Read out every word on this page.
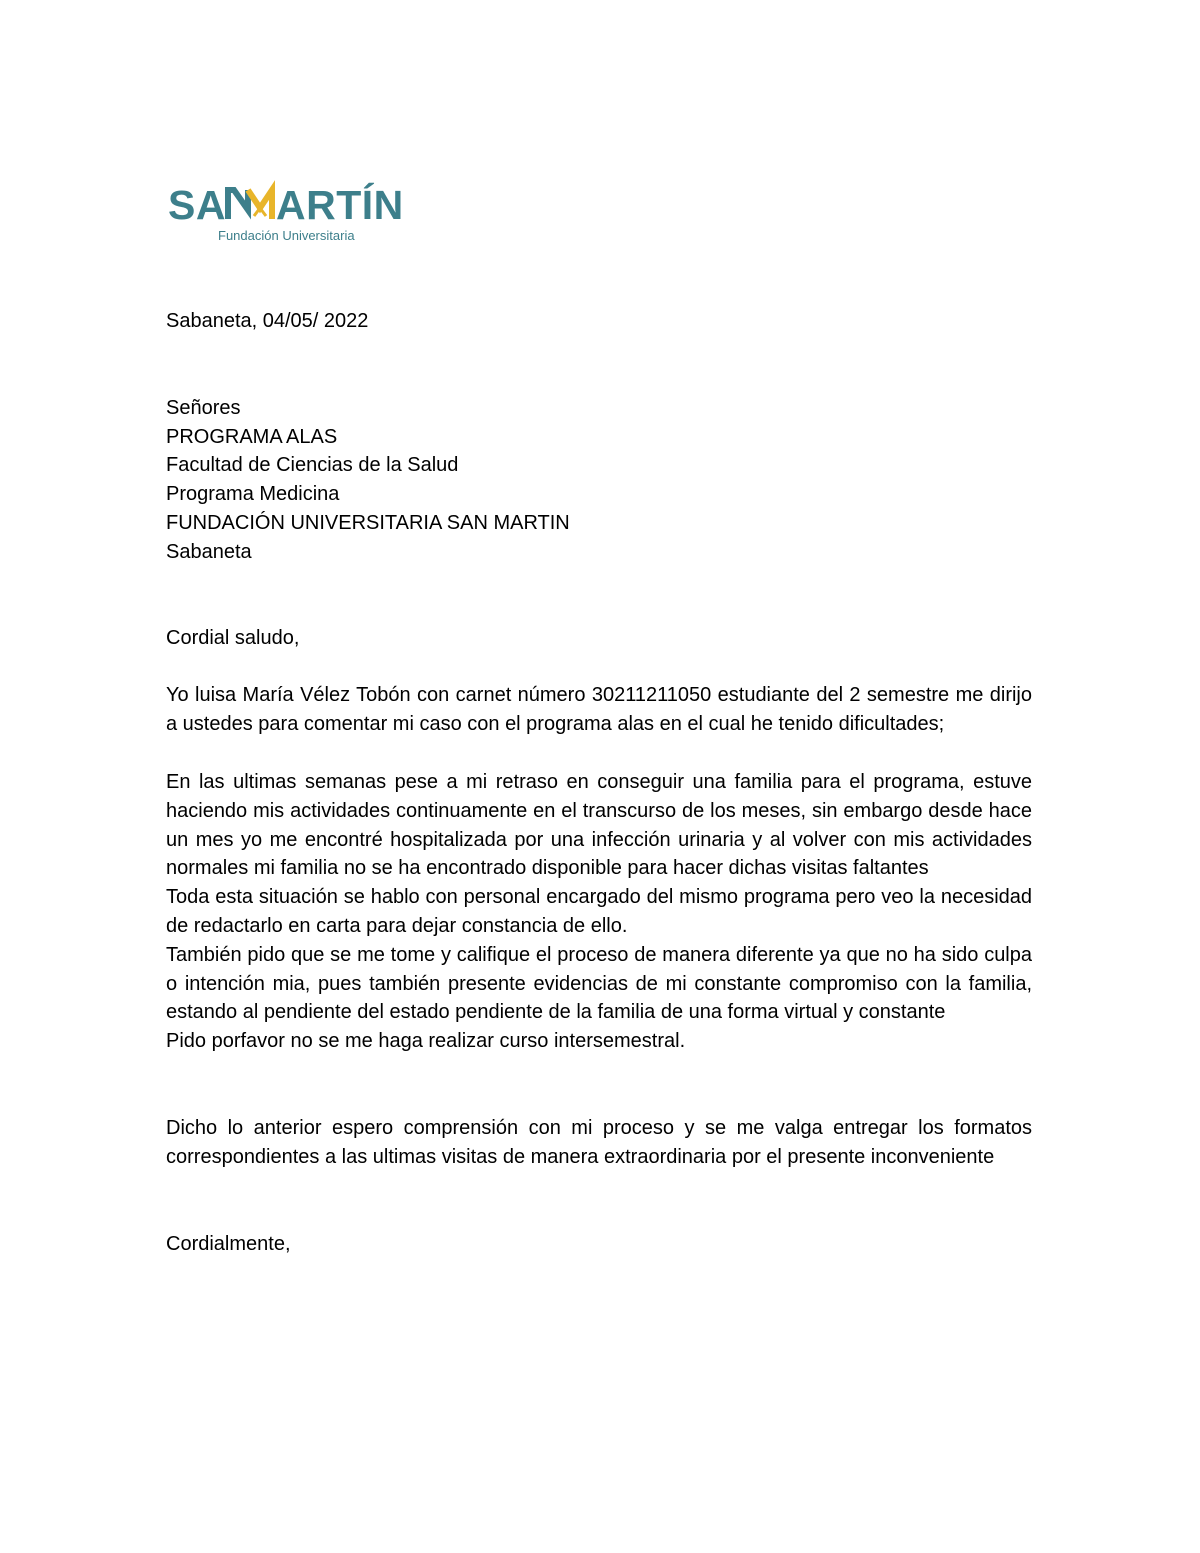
SA ARTÍN
Fundación Universitaria

Sabaneta, 04/05/ 2022

Señores

PROGRAMA ALAS

Facultad de Ciencias de la Salud

Programa Medicina

FUNDACIÓN UNIVERSITARIA SAN MARTIN

Sabaneta

Cordial saludo,

Yo luisa María Vélez Tobón con carnet número 30211211050 estudiante del 2 semestre me dirijo a ustedes para comentar mi caso con el programa alas en el cual he tenido dificultades;

En las ultimas semanas pese a mi retraso en conseguir una familia para el programa, estuve haciendo mis actividades continuamente en el transcurso de los meses, sin embargo desde hace un mes yo me encontré hospitalizada por una infección urinaria y al volver con mis actividades normales mi familia no se ha encontrado disponible para hacer dichas visitas faltantes

Toda esta situación se hablo con personal encargado del mismo programa pero veo la necesidad de redactarlo en carta para dejar constancia de ello.

También pido que se me tome y califique el proceso de manera diferente ya que no ha sido culpa o intención mia, pues también presente evidencias de mi constante compromiso con la familia, estando al pendiente del estado pendiente de la familia de una forma virtual y constante

Pido porfavor no se me haga realizar curso intersemestral.

Dicho lo anterior espero comprensión con mi proceso y se me valga entregar los formatos correspondientes a las ultimas visitas de manera extraordinaria por el presente inconveniente

Cordialmente,
